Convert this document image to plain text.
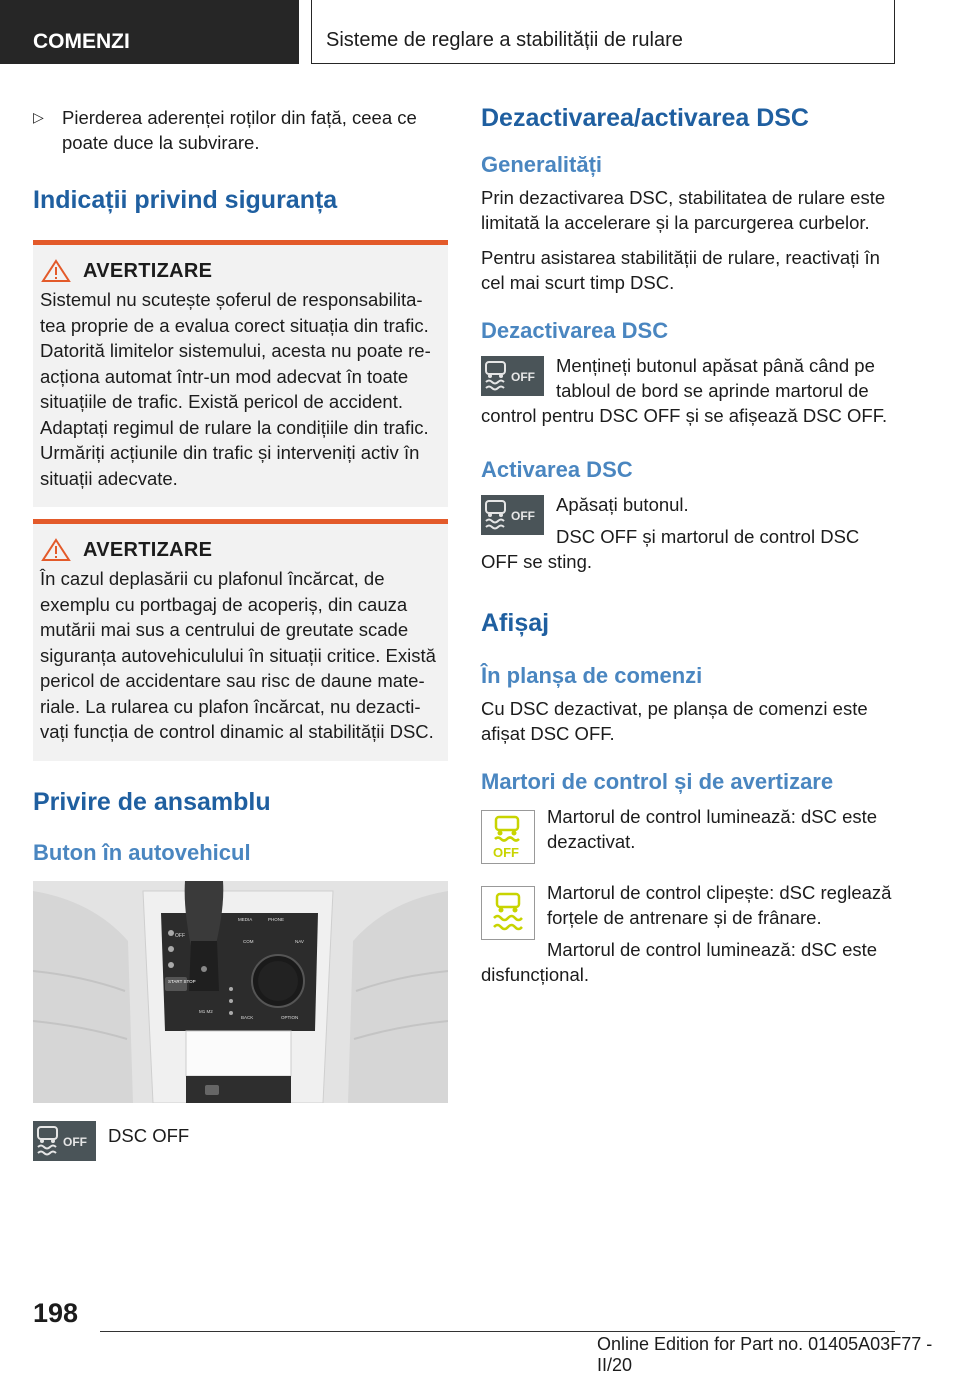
COMENZI	Sisteme de reglare a stabilității de rulare

▷ Pierderea aderenței roților din față, ceea ce poate duce la subvirare.

Indicații privind siguranța
AVERTIZARE

Sistemul nu scutește șoferul de responsabilitatea proprie de a evalua corect situația din trafic. Datorită limitelor sistemului, acesta nu poate reacționa automat într-un mod adecvat în toate situațiile de trafic. Există pericol de accident. Adaptați regimul de rulare la condițiile din trafic. Urmăriți acțiunile din trafic și interveniți activ în situații adecvate.

AVERTIZARE

În cazul deplasării cu plafonul încărcat, de exemplu cu portbagaj de acoperiș, din cauza mutării mai sus a centrului de greutate scade siguranța autovehiculului în situații critice. Există pericol de accidentare sau risc de daune materiale. La rularea cu plafon încărcat, nu dezactivați funcția de control dinamic al stabilității DSC.

Privire de ansamblu
Buton în autovehicul
OFF
START STOP
MEDIA	PHONE
COM	NAV
BACK	OPTION
M1 M2
OFF	DSC OFF

Dezactivarea/activarea DSC
Generalități

Prin dezactivarea DSC, stabilitatea de rulare este limitată la accelerare și la parcurgerea curbelor.

Pentru asistarea stabilității de rulare, reactivați în cel mai scurt timp DSC.

Dezactivarea DSC
OFF

Mențineți butonul apăsat până când pe tabloul de bord se aprinde martorul de control pentru DSC OFF și se afișează DSC OFF.

Activarea DSC
OFF

Apăsați butonul.

DSC OFF și martorul de control DSC OFF se sting.

Afișaj
În planșa de comenzi

Cu DSC dezactivat, pe planșa de comenzi este afișat DSC OFF.

Martori de control și de avertizare
OFF

Martorul de control luminează: dSC este dezactivat.

Martorul de control clipește: dSC reglează forțele de antrenare și de frânare.

Martorul de control luminează: dSC este disfuncțional.

198
Online Edition for Part no. 01405A03F77 - II/20
